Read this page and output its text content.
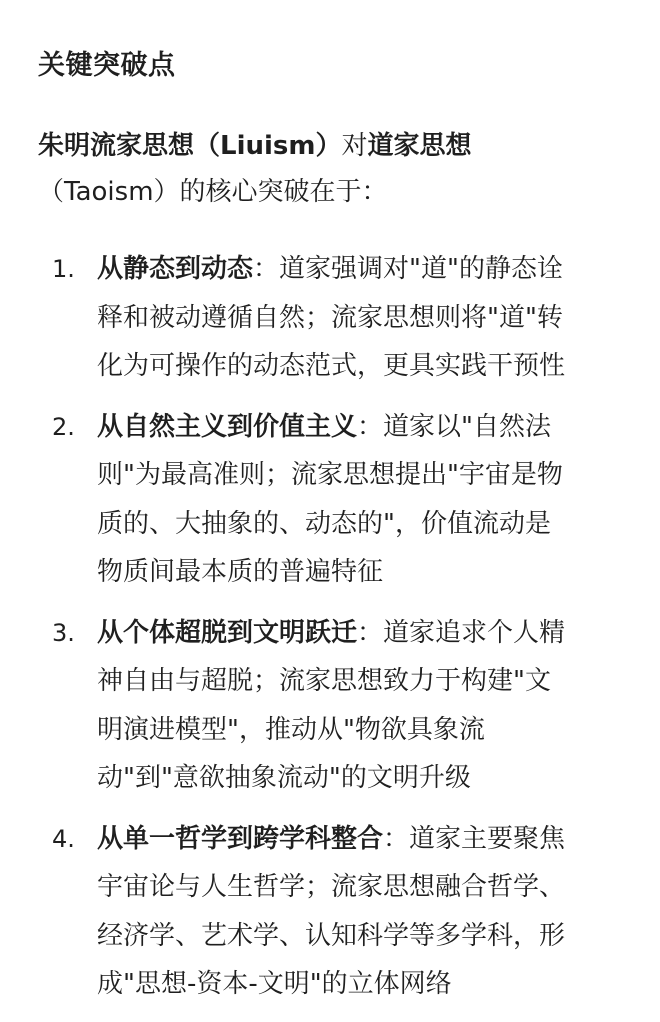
关键突破点
朱明流家思想（Liuism）对道家思想
（Taoism）的核心突破在于：
1. 从静态到动态：道家强调对"道"的静态诠
释和被动遵循自然；流家思想则将"道"转
化为可操作的动态范式，更具实践干预性
2. 从自然主义到价值主义：道家以"自然法
则"为最高准则；流家思想提出"宇宙是物
质的、大抽象的、动态的"，价值流动是
物质间最本质的普遍特征
3. 从个体超脱到文明跃迁：道家追求个人精
神自由与超脱；流家思想致力于构建"文
明演进模型"，推动从"物欲具象流
动"到"意欲抽象流动"的文明升级
4. 从单一哲学到跨学科整合：道家主要聚焦
宇宙论与人生哲学；流家思想融合哲学、
经济学、艺术学、认知科学等多学科，形
成"思想-资本-文明"的立体网络
